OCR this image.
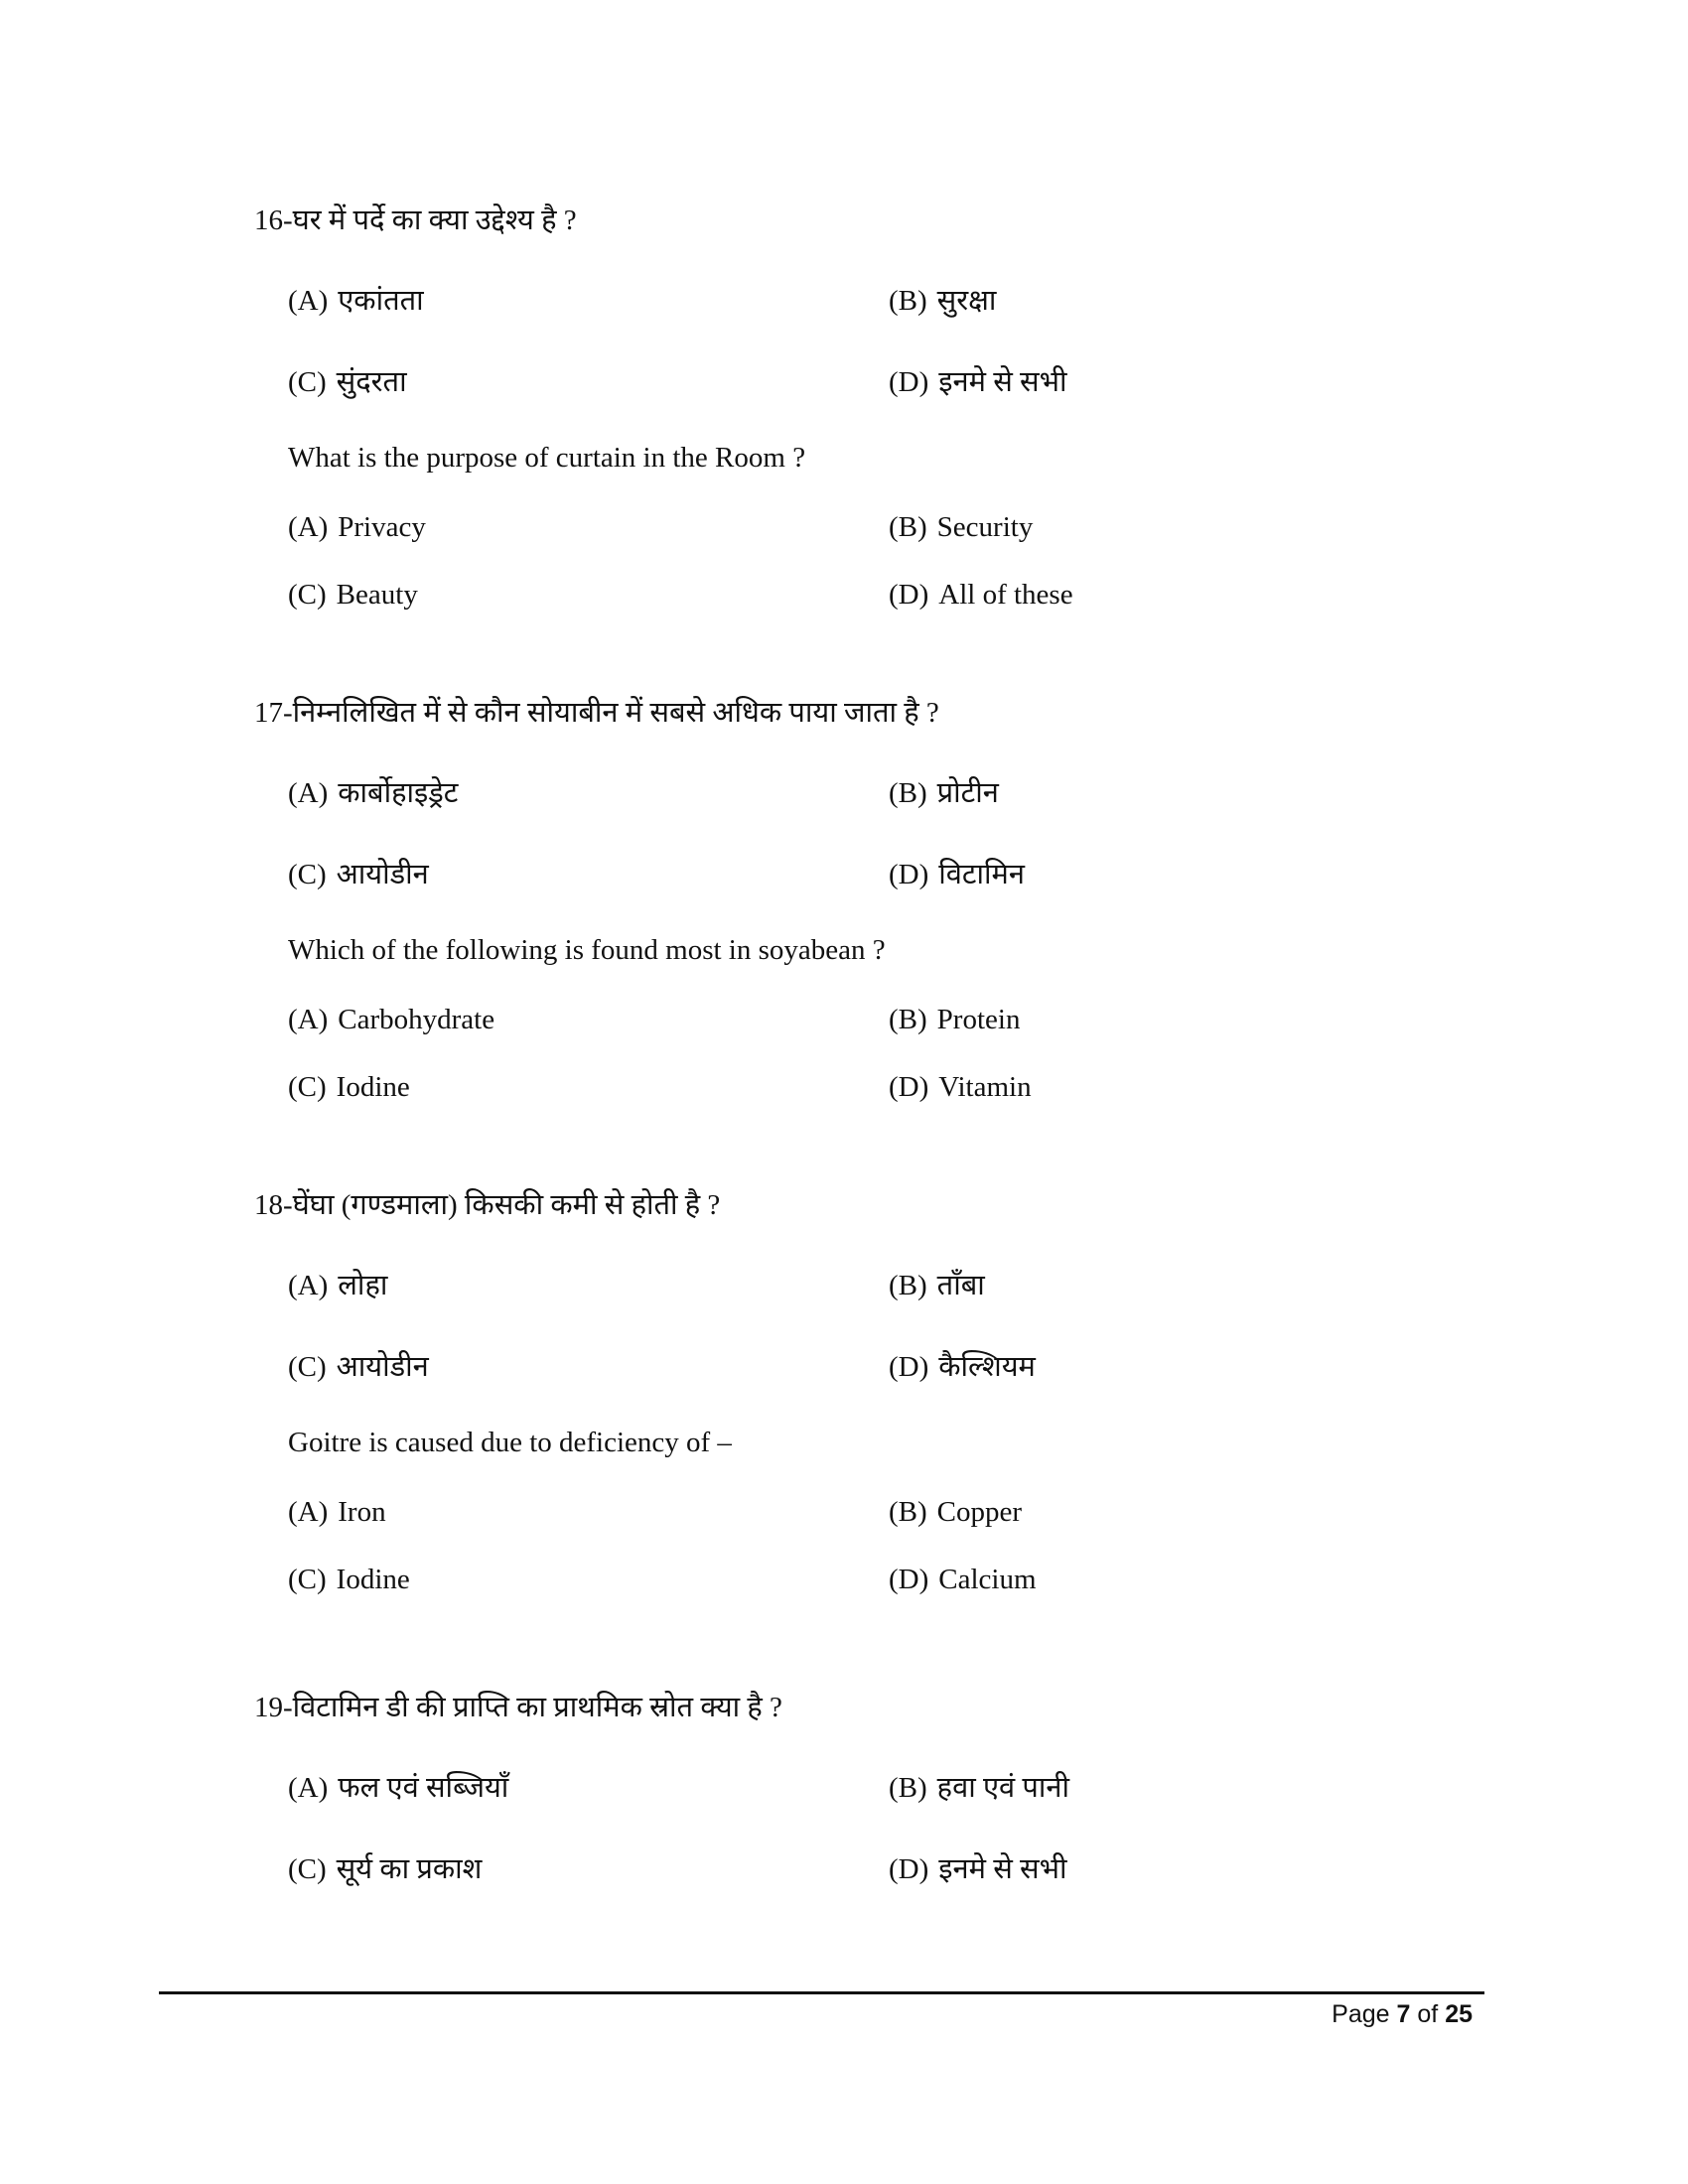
16-घर में पर्दे का क्या उद्देश्य है ?
(A) एकांतता	(B) सुरक्षा
(C) सुंदरता	(D) इनमे से सभी
What is the purpose of curtain in the Room ?
(A) Privacy	(B) Security
(C) Beauty	(D) All of these
17-निम्नलिखित में से कौन सोयाबीन में सबसे अधिक पाया जाता है ?
(A) कार्बोहाइड्रेट	(B) प्रोटीन
(C) आयोडीन	(D) विटामिन
Which of the following is found most in soyabean ?
(A) Carbohydrate	(B) Protein
(C) Iodine	(D) Vitamin
18-घेंघा (गण्डमाला) किसकी कमी से होती है ?
(A) लोहा	(B) ताँबा
(C) आयोडीन	(D) कैल्शियम
Goitre is caused due to deficiency of –
(A) Iron	(B) Copper
(C) Iodine	(D) Calcium
19-विटामिन डी की प्राप्ति का प्राथमिक स्रोत क्या है ?
(A) फल एवं सब्जियाँ	(B) हवा एवं पानी
(C) सूर्य का प्रकाश	(D) इनमे से सभी
Page 7 of 25
